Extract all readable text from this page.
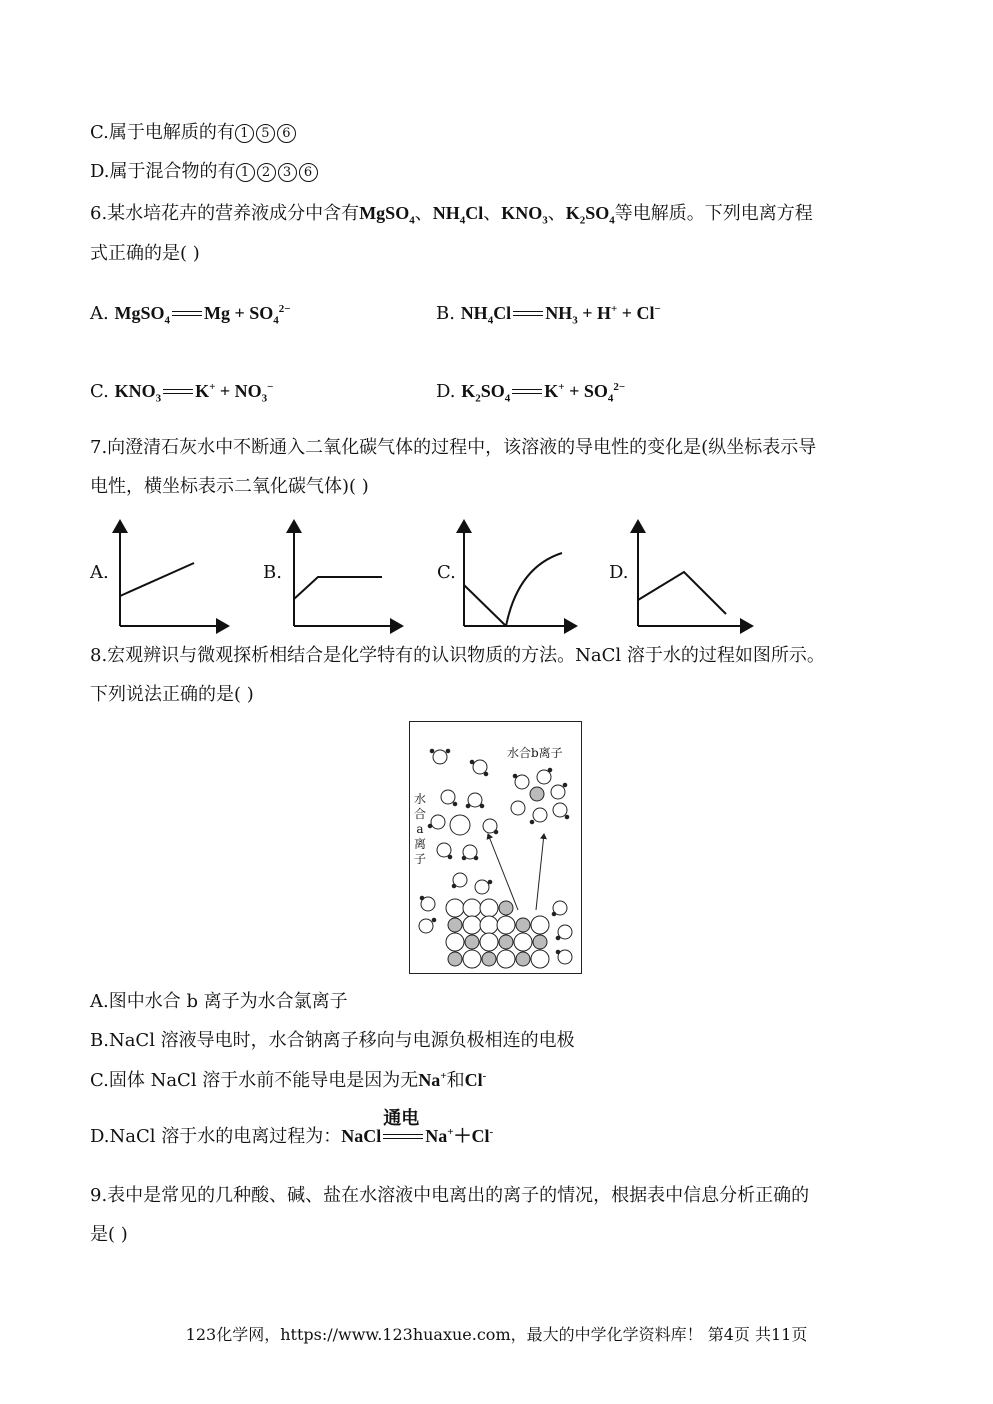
C.属于电解质的有 1 5 6
D.属于混合物的有 1 2 3 6
6.某水培花卉的营养液成分中含有MgSO$_4$、$NH_4Cl$、$KNO_3$、$K_2SO_4$等电解质。下列电离方程
式正确的是( )
A. MgSO$_4$ $Mg + SO_4^{2-}$	B. $NH_4Cl$ $NH_3 + H^+ + Cl^-$
C. $KNO_3$ $K^+ + NO_3^-$	D. $K_2SO_4$ $K^+ + SO_4^{2-}$
7.向澄清石灰水中不断通入二氧化碳气体的过程中，该溶液的导电性的变化是(纵坐标表示导
电性，横坐标表示二氧化碳气体)( )
A.	B.	C.	D.
8.宏观辨识与微观探析相结合是化学特有的认识物质的方法。NaCl 溶于水的过程如图所示。
下列说法正确的是( )
水合b离子
水
合
a
离
子
A.图中水合 b 离子为水合氯离子
B.NaCl 溶液导电时，水合钠离子移向与电源负极相连的电极
C.固体 NaCl 溶于水前不能导电是因为无Na+和Cl-
D.NaCl 溶于水的电离过程为：NaCl
通电
Na+＋Cl-
9.表中是常见的几种酸、碱、盐在水溶液中电离出的离子的情况，根据表中信息分析正确的
是( )
123化学网，https://www.123huaxue.com，最大的中学化学资料库！ 第4页 共11页
